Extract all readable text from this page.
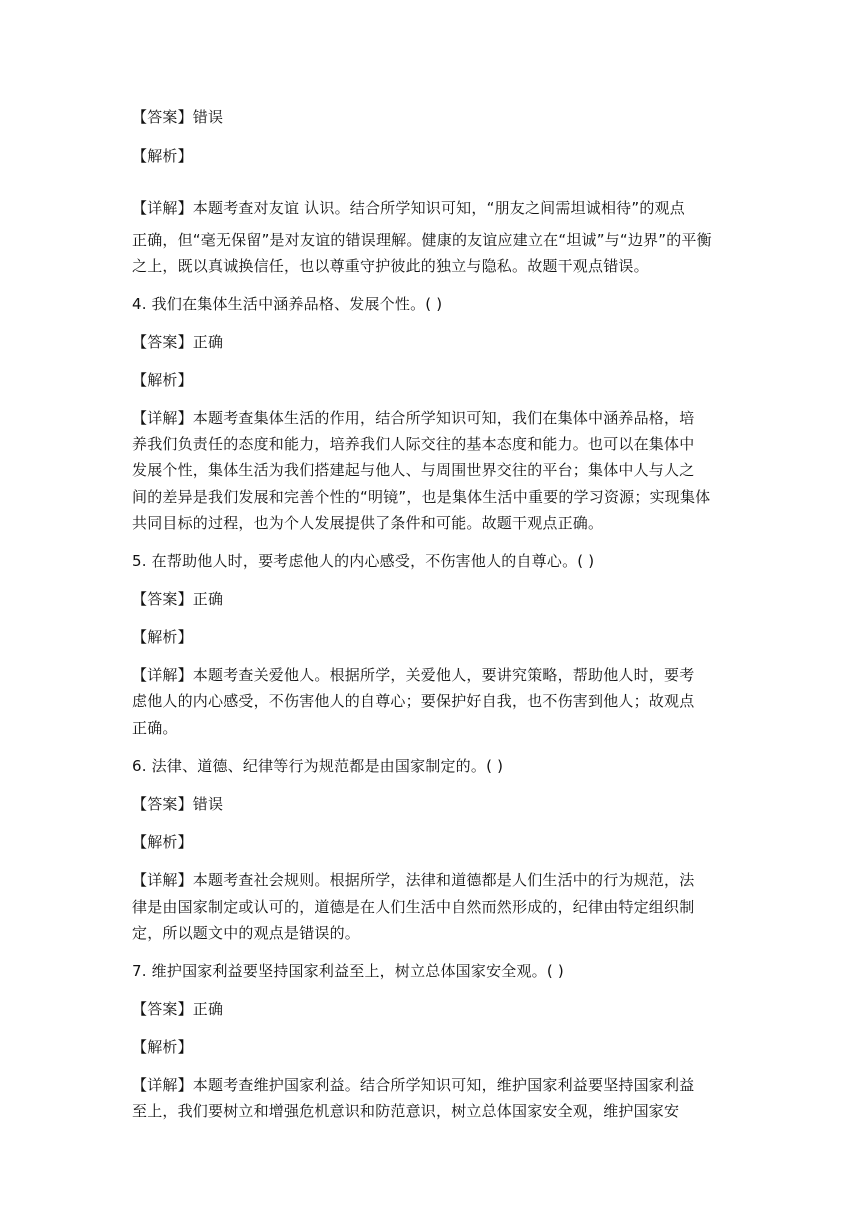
【答案】错误
【解析】
【详解】本题考查对友谊 认识。结合所学知识可知，“朋友之间需坦诚相待”的观点
正确，但“毫无保留”是对友谊的错误理解。健康的友谊应建立在“坦诚”与“边界”的平衡
之上，既以真诚换信任，也以尊重守护彼此的独立与隐私。故题干观点错误。
4. 我们在集体生活中涵养品格、发展个性。( )
【答案】正确
【解析】
【详解】本题考查集体生活的作用，结合所学知识可知，我们在集体中涵养品格，培
养我们负责任的态度和能力，培养我们人际交往的基本态度和能力。也可以在集体中
发展个性，集体生活为我们搭建起与他人、与周围世界交往的平台；集体中人与人之
间的差异是我们发展和完善个性的“明镜”，也是集体生活中重要的学习资源；实现集体
共同目标的过程，也为个人发展提供了条件和可能。故题干观点正确。
5. 在帮助他人时，要考虑他人的内心感受，不伤害他人的自尊心。( )
【答案】正确
【解析】
【详解】本题考查关爱他人。根据所学，关爱他人，要讲究策略，帮助他人时，要考
虑他人的内心感受，不伤害他人的自尊心；要保护好自我，也不伤害到他人；故观点
正确。
6. 法律、道德、纪律等行为规范都是由国家制定的。( )
【答案】错误
【解析】
【详解】本题考查社会规则。根据所学，法律和道德都是人们生活中的行为规范，法
律是由国家制定或认可的，道德是在人们生活中自然而然形成的，纪律由特定组织制
定，所以题文中的观点是错误的。
7. 维护国家利益要坚持国家利益至上，树立总体国家安全观。( )
【答案】正确
【解析】
【详解】本题考查维护国家利益。结合所学知识可知，维护国家利益要坚持国家利益
至上，我们要树立和增强危机意识和防范意识，树立总体国家安全观，维护国家安
